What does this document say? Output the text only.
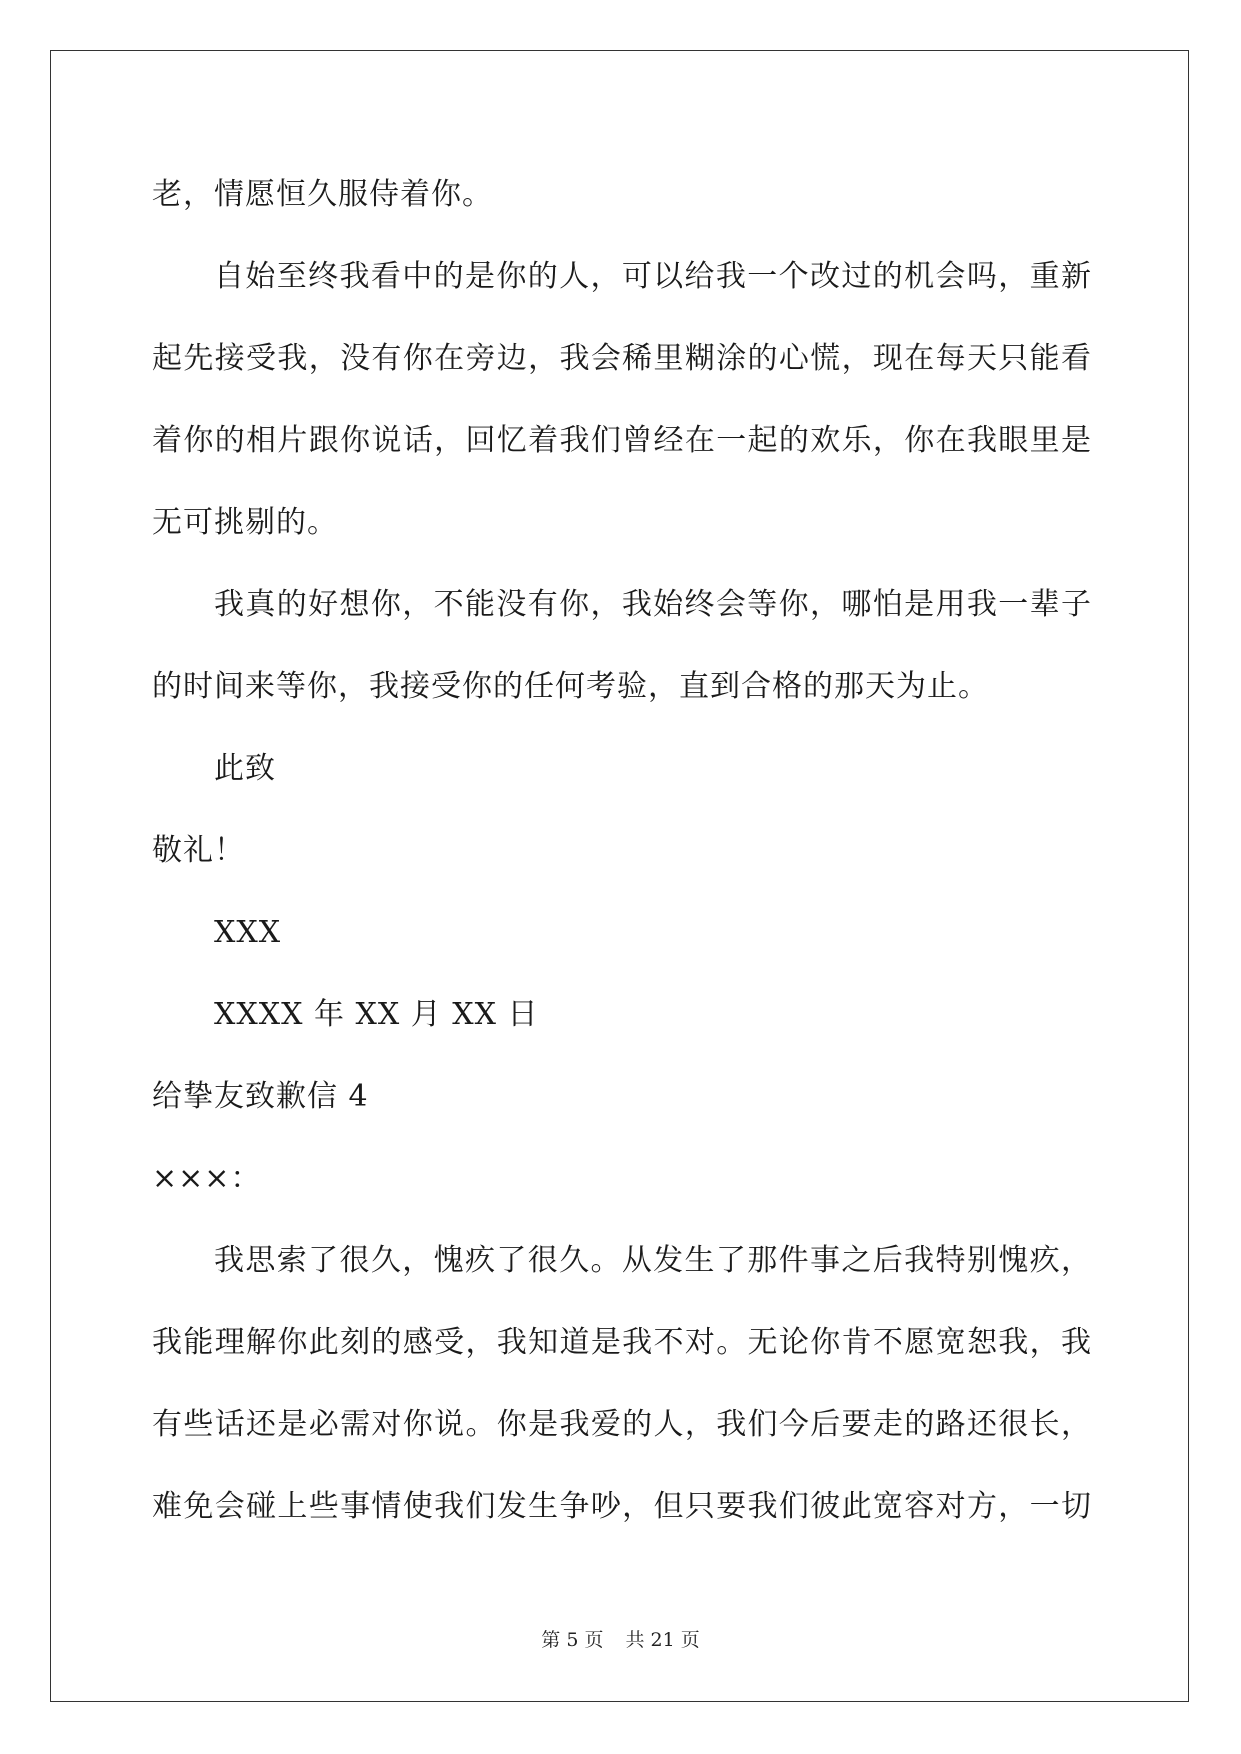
老，情愿恒久服侍着你。
自始至终我看中的是你的人，可以给我一个改过的机会吗，重新
起先接受我，没有你在旁边，我会稀里糊涂的心慌，现在每天只能看
着你的相片跟你说话，回忆着我们曾经在一起的欢乐，你在我眼里是
无可挑剔的。
我真的好想你，不能没有你，我始终会等你，哪怕是用我一辈子
的时间来等你，我接受你的任何考验，直到合格的那天为止。
此致
敬礼！
XXX
XXXX 年 XX 月 XX 日
给挚友致歉信 4
×××：
我思索了很久，愧疚了很久。从发生了那件事之后我特别愧疚，
我能理解你此刻的感受，我知道是我不对。无论你肯不愿宽恕我，我
有些话还是必需对你说。你是我爱的人，我们今后要走的路还很长，
难免会碰上些事情使我们发生争吵，但只要我们彼此宽容对方，一切
第 5 页 共 21 页
